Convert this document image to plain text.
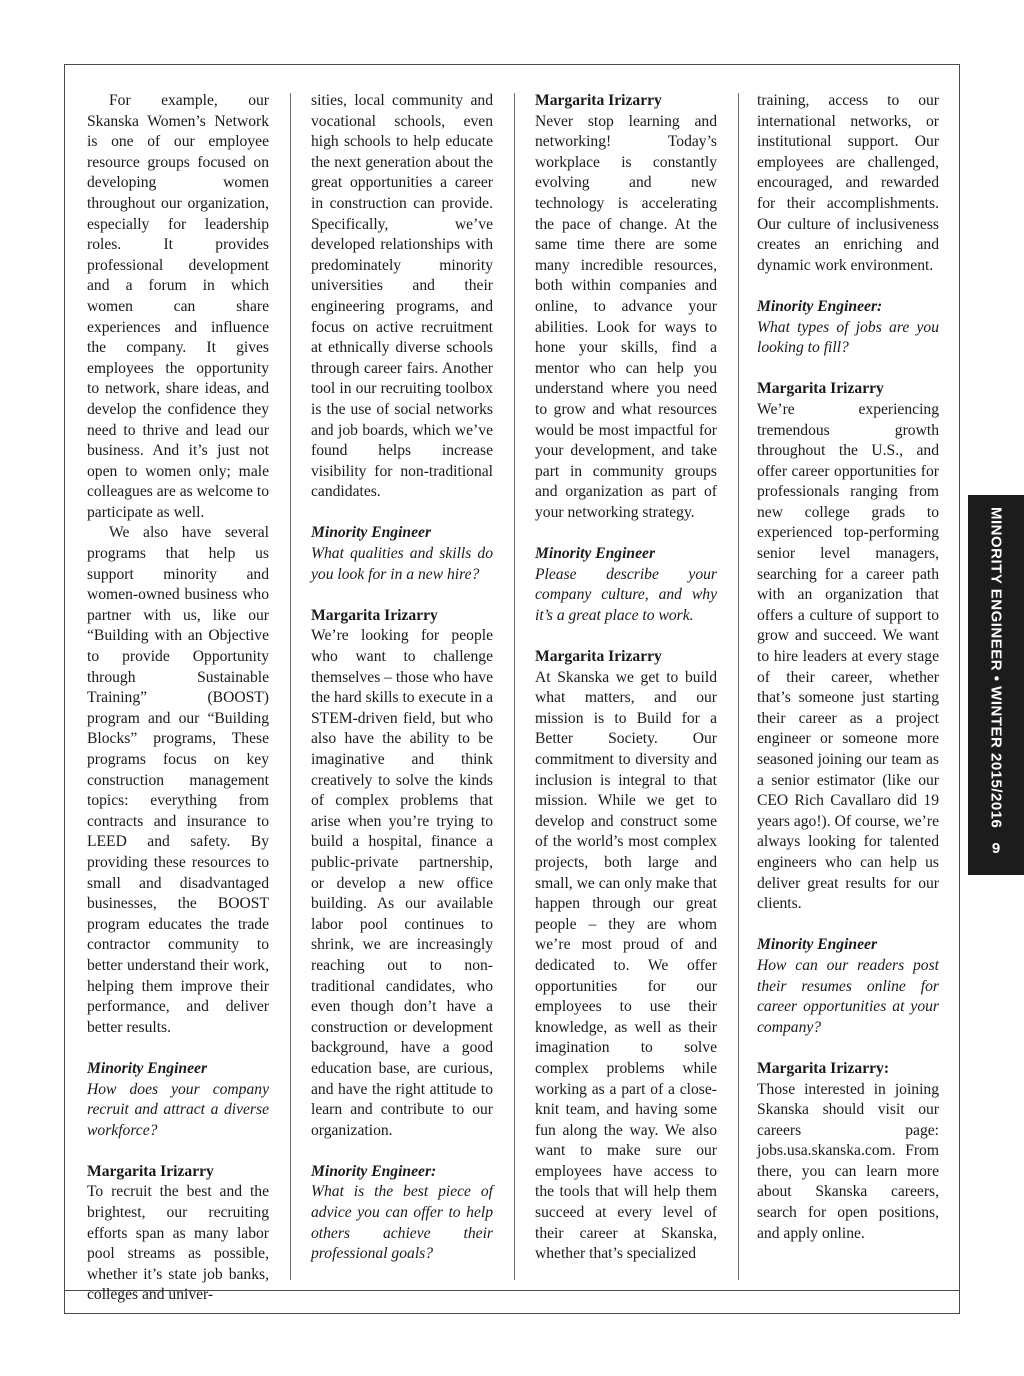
For example, our Skanska Women’s Network is one of our employee resource groups focused on developing women throughout our organization, especially for leadership roles. It provides professional development and a forum in which women can share experiences and influence the company. It gives employees the opportunity to network, share ideas, and develop the confidence they need to thrive and lead our business. And it’s just not open to women only; male colleagues are as welcome to participate as well.

We also have several programs that help us support minority and women-owned business who partner with us, like our “Building with an Objective to provide Opportunity through Sustainable Training” (BOOST) program and our “Building Blocks” programs, These programs focus on key construction management topics: everything from contracts and insurance to LEED and safety. By providing these resources to small and disadvantaged businesses, the BOOST program educates the trade contractor community to better understand their work, helping them improve their performance, and deliver better results.

Minority Engineer

How does your company recruit and attract a diverse workforce?

Margarita Irizarry

To recruit the best and the brightest, our recruiting efforts span as many labor pool streams as possible, whether it’s state job banks, colleges and univer-

sities, local community and vocational schools, even high schools to help educate the next generation about the great opportunities a career in construction can provide. Specifically, we’ve developed relationships with predominately minority universities and their engineering programs, and focus on active recruitment at ethnically diverse schools through career fairs. Another tool in our recruiting toolbox is the use of social networks and job boards, which we’ve found helps increase visibility for non-traditional candidates.

Minority Engineer

What qualities and skills do you look for in a new hire?

Margarita Irizarry

We’re looking for people who want to challenge themselves – those who have the hard skills to execute in a STEM-driven field, but who also have the ability to be imaginative and think creatively to solve the kinds of complex problems that arise when you’re trying to build a hospital, finance a public-private partnership, or develop a new office building. As our available labor pool continues to shrink, we are increasingly reaching out to non-traditional candidates, who even though don’t have a construction or development background, have a good education base, are curious, and have the right attitude to learn and contribute to our organization.

Minority Engineer:

What is the best piece of advice you can offer to help others achieve their professional goals?

Margarita Irizarry

Never stop learning and networking! Today’s workplace is constantly evolving and new technology is accelerating the pace of change. At the same time there are some many incredible resources, both within companies and online, to advance your abilities. Look for ways to hone your skills, find a mentor who can help you understand where you need to grow and what resources would be most impactful for your development, and take part in community groups and organization as part of your networking strategy.

Minority Engineer

Please describe your company culture, and why it’s a great place to work.

Margarita Irizarry

At Skanska we get to build what matters, and our mission is to Build for a Better Society. Our commitment to diversity and inclusion is integral to that mission. While we get to develop and construct some of the world’s most complex projects, both large and small, we can only make that happen through our great people – they are whom we’re most proud of and dedicated to. We offer opportunities for our employees to use their knowledge, as well as their imagination to solve complex problems while working as a part of a close-knit team, and having some fun along the way. We also want to make sure our employees have access to the tools that will help them succeed at every level of their career at Skanska, whether that’s specialized

training, access to our international networks, or institutional support. Our employees are challenged, encouraged, and rewarded for their accomplishments. Our culture of inclusiveness creates an enriching and dynamic work environment.

Minority Engineer:

What types of jobs are you looking to fill?

Margarita Irizarry

We’re experiencing tremendous growth throughout the U.S., and offer career opportunities for professionals ranging from new college grads to experienced top-performing senior level managers, searching for a career path with an organization that offers a culture of support to grow and succeed. We want to hire leaders at every stage of their career, whether that’s someone just starting their career as a project engineer or someone more seasoned joining our team as a senior estimator (like our CEO Rich Cavallaro did 19 years ago!). Of course, we’re always looking for talented engineers who can help us deliver great results for our clients.

Minority Engineer

How can our readers post their resumes online for career opportunities at your company?

Margarita Irizarry:

Those interested in joining Skanska should visit our careers page: jobs.usa.skanska.com. From there, you can learn more about Skanska careers, search for open positions, and apply online.

MINORITY ENGINEER • WINTER 2015/2016
9
